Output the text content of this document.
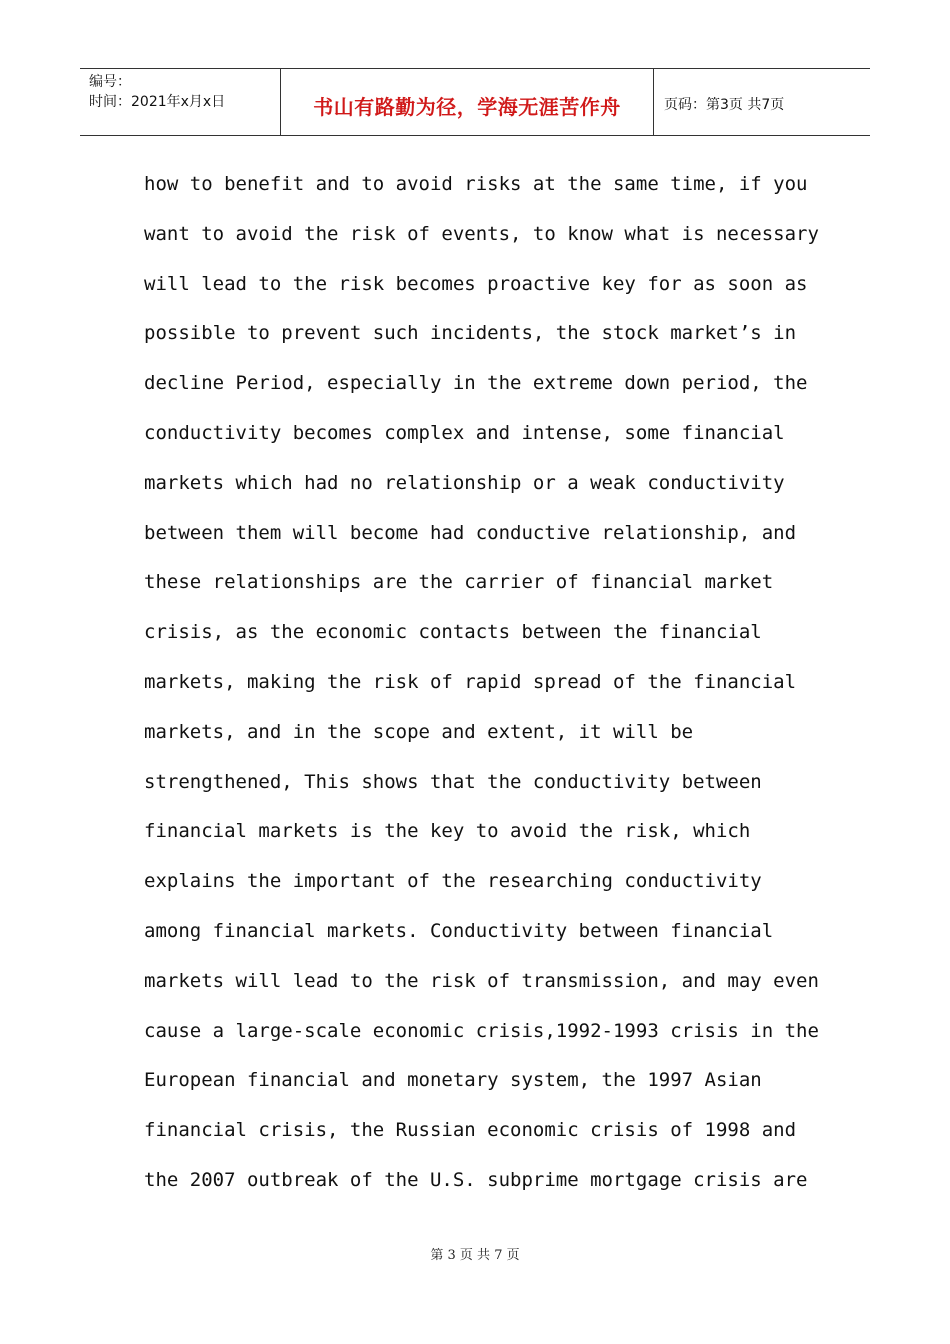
编号：
时间：2021年x月x日	书山有路勤为径，学海无涯苦作舟	页码：第3页 共7页
how to benefit and to avoid risks at the same time, if you
want to avoid the risk of events, to know what is necessary
will lead to the risk becomes proactive key for as soon as
possible to prevent such incidents, the stock market’s in
decline Period, especially in the extreme down period, the
conductivity becomes complex and intense, some financial
markets which had no relationship or a weak conductivity
between them will become had conductive relationship, and
these relationships are the carrier of financial market
crisis, as the economic contacts between the financial
markets, making the risk of rapid spread of the financial
markets, and in the scope and extent, it will be
strengthened, This shows that the conductivity between
financial markets is the key to avoid the risk, which
explains the important of the researching conductivity
among financial markets. Conductivity between financial
markets will lead to the risk of transmission, and may even
cause a large-scale economic crisis,1992-1993 crisis in the
European financial and monetary system, the 1997 Asian
financial crisis, the Russian economic crisis of 1998 and
the 2007 outbreak of the U.S. subprime mortgage crisis are
第 3 页 共 7 页
